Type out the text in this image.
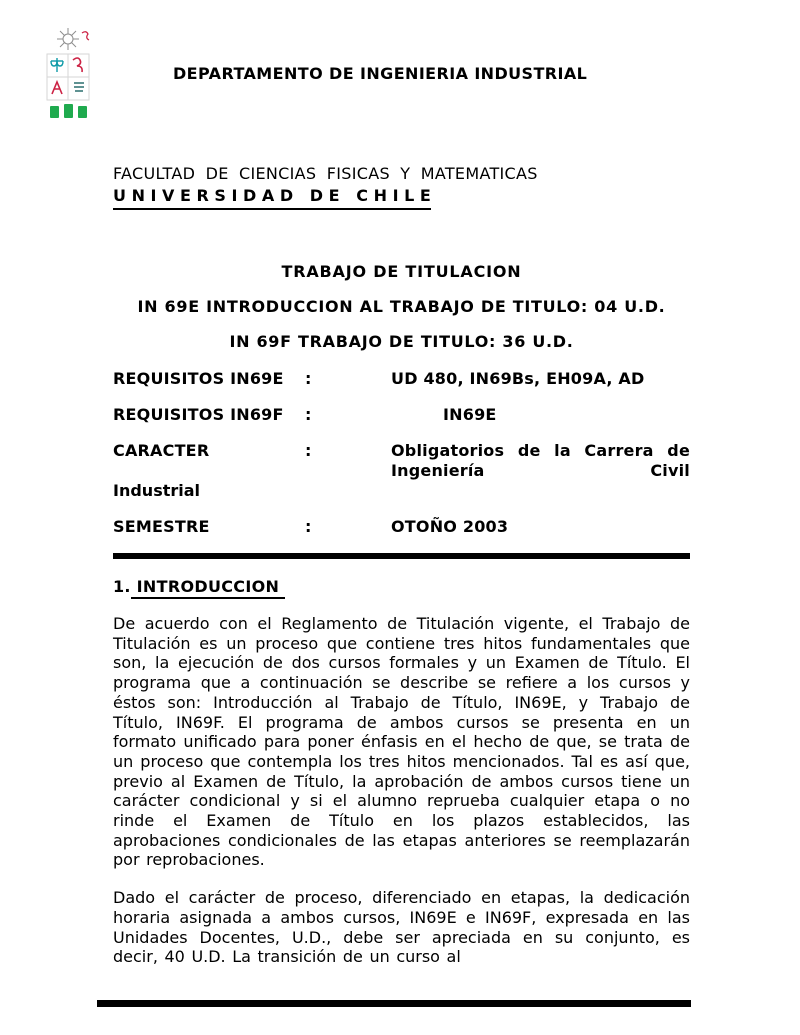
DEPARTAMENTO DE INGENIERIA INDUSTRIAL
FACULTAD DE CIENCIAS FISICAS Y MATEMATICAS
U N I V E R S I D A D   D E   C H I L E
TRABAJO DE TITULACION
IN 69E INTRODUCCION AL TRABAJO DE TITULO: 04 U.D.
IN 69F TRABAJO DE TITULO: 36 U.D.
REQUISITOS IN69E	:	UD 480, IN69Bs, EH09A, AD
REQUISITOS IN69F	:	IN69E
CARACTER	:	Obligatorios de la Carrera de Ingeniería Civil
Industrial
SEMESTRE	:	OTOÑO 2003
1. INTRODUCCION
De acuerdo con el Reglamento de Titulación vigente, el Trabajo de Titulación es un proceso que contiene tres hitos fundamentales que son, la ejecución de dos cursos formales y un Examen de Título. El programa que a continuación se describe se refiere a los cursos y éstos son: Introducción al Trabajo de Título, IN69E, y Trabajo de Título, IN69F. El programa de ambos cursos se presenta en un formato unificado para poner énfasis en el hecho de que, se trata de un proceso que contempla los tres hitos mencionados. Tal es así que, previo al Examen de Título, la aprobación de ambos cursos tiene un carácter condicional y si el alumno reprueba cualquier etapa o no rinde el Examen de Título en los plazos establecidos, las aprobaciones condicionales de las etapas anteriores se reemplazarán por reprobaciones.
Dado el carácter de proceso, diferenciado en etapas, la dedicación horaria asignada a ambos cursos, IN69E e IN69F, expresada en las Unidades Docentes, U.D., debe ser apreciada en su conjunto, es decir, 40 U.D. La transición de un curso al
